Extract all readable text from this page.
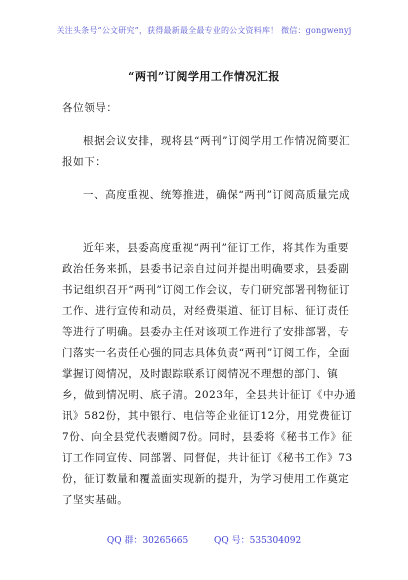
关注头条号“公文研究”，获得最新最全最专业的公文资料库！ 微信：gongwenyj
“两刊”订阅学用工作情况汇报
各位领导：
根据会议安排，现将县“两刊”订阅学用工作情况简要汇报如下：
一、高度重视、统筹推进，确保“两刊”订阅高质量完成
近年来，县委高度重视“两刊”征订工作，将其作为重要政治任务来抓，县委书记亲自过问并提出明确要求，县委副书记组织召开“两刊”订阅工作会议，专门研究部署刊物征订工作、进行宣传和动员，对经费渠道、征订目标、征订责任等进行了明确。县委办主任对该项工作进行了安排部署，专门落实一名责任心强的同志具体负责“两刊”订阅工作，全面掌握订阅情况，及时跟踪联系订阅情况不理想的部门、镇乡，做到情况明、底子清。2023年，全县共计征订《中办通讯》582份，其中银行、电信等企业征订12分，用党费征订7份、向全县党代表赠阅7份。同时，县委将《秘书工作》征订工作同宣传、同部署、同督促，共计征订《秘书工作》73份，征订数量和覆盖面实现新的提升，为学习使用工作奠定了坚实基础。
QQ 群：30265665	QQ 号：535304092
